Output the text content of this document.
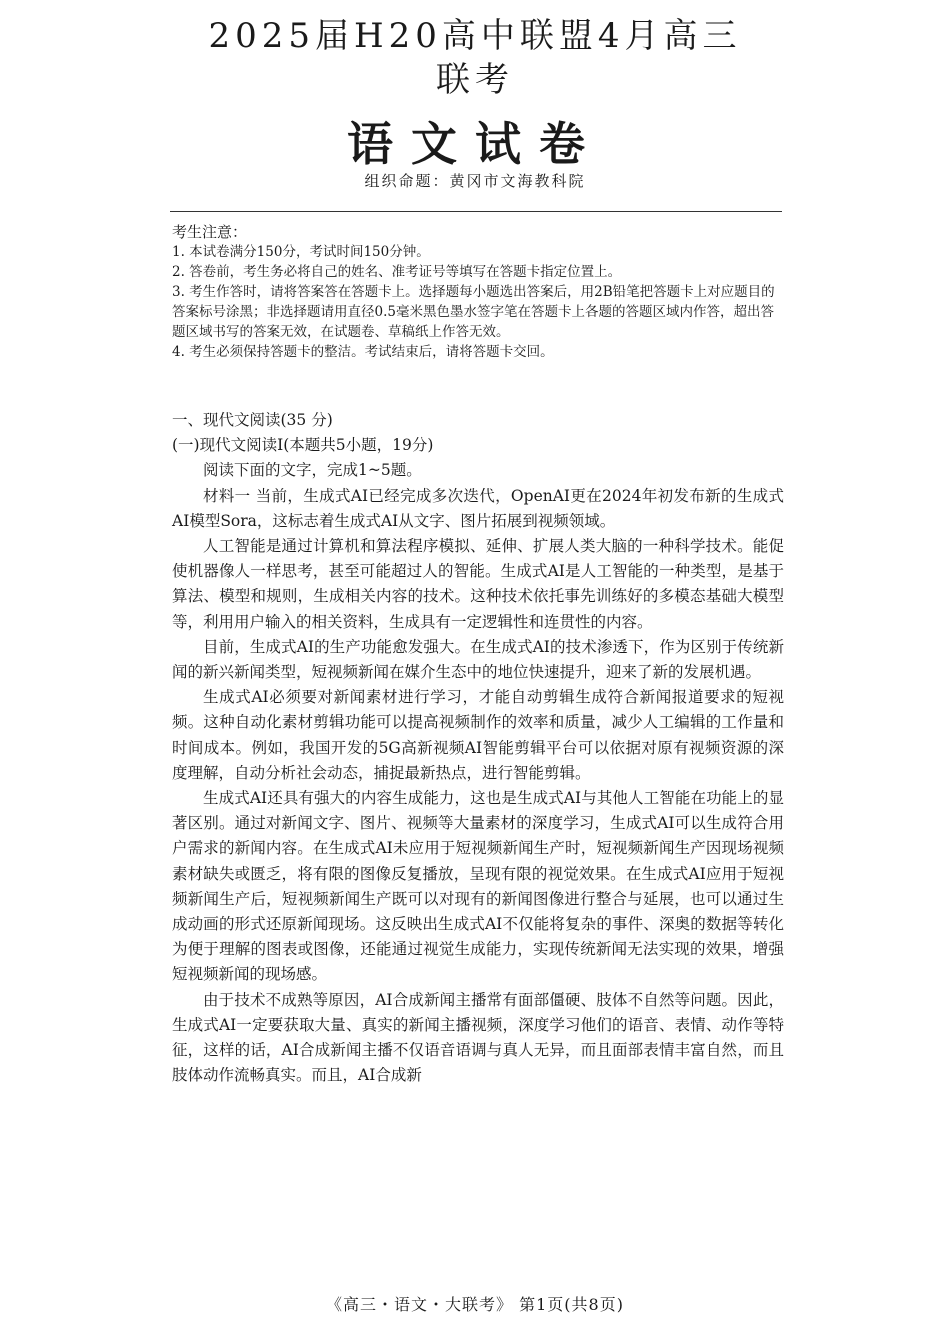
2025届H20高中联盟4月高三
联考
语文试卷
组织命题：黄冈市文海教科院

考生注意：

1. 本试卷满分150分，考试时间150分钟。

2. 答卷前，考生务必将自己的姓名、准考证号等填写在答题卡指定位置上。

3. 考生作答时，请将答案答在答题卡上。选择题每小题选出答案后，用2B铅笔把答题卡上对应题目的答案标号涂黑；非选择题请用直径0.5毫米黑色墨水签字笔在答题卡上各题的答题区域内作答，超出答题区域书写的答案无效，在试题卷、草稿纸上作答无效。

4. 考生必须保持答题卡的整洁。考试结束后，请将答题卡交回。

一、现代文阅读(35 分)

(一)现代文阅读Ⅰ(本题共5小题，19分)

阅读下面的文字，完成1~5题。

材料一 当前，生成式AI已经完成多次迭代，OpenAI更在2024年初发布新的生成式AI模型Sora，这标志着生成式AI从文字、图片拓展到视频领域。

人工智能是通过计算机和算法程序模拟、延伸、扩展人类大脑的一种科学技术。能促使机器像人一样思考，甚至可能超过人的智能。生成式AI是人工智能的一种类型，是基于算法、模型和规则，生成相关内容的技术。这种技术依托事先训练好的多模态基础大模型等，利用用户输入的相关资料，生成具有一定逻辑性和连贯性的内容。

目前，生成式AI的生产功能愈发强大。在生成式AI的技术渗透下，作为区别于传统新闻的新兴新闻类型，短视频新闻在媒介生态中的地位快速提升，迎来了新的发展机遇。

生成式AI必须要对新闻素材进行学习，才能自动剪辑生成符合新闻报道要求的短视频。这种自动化素材剪辑功能可以提高视频制作的效率和质量，减少人工编辑的工作量和时间成本。例如，我国开发的5G高新视频AI智能剪辑平台可以依据对原有视频资源的深度理解，自动分析社会动态，捕捉最新热点，进行智能剪辑。

生成式AI还具有强大的内容生成能力，这也是生成式AI与其他人工智能在功能上的显著区别。通过对新闻文字、图片、视频等大量素材的深度学习，生成式AI可以生成符合用户需求的新闻内容。在生成式AI未应用于短视频新闻生产时，短视频新闻生产因现场视频素材缺失或匮乏，将有限的图像反复播放，呈现有限的视觉效果。在生成式AI应用于短视频新闻生产后，短视频新闻生产既可以对现有的新闻图像进行整合与延展，也可以通过生成动画的形式还原新闻现场。这反映出生成式AI不仅能将复杂的事件、深奥的数据等转化为便于理解的图表或图像，还能通过视觉生成能力，实现传统新闻无法实现的效果，增强短视频新闻的现场感。

由于技术不成熟等原因，AI合成新闻主播常有面部僵硬、肢体不自然等问题。因此，生成式AI一定要获取大量、真实的新闻主播视频，深度学习他们的语音、表情、动作等特征，这样的话，AI合成新闻主播不仅语音语调与真人无异，而且面部表情丰富自然，而且肢体动作流畅真实。而且，AI合成新

《高三・语文・大联考》 第1页(共8页)
